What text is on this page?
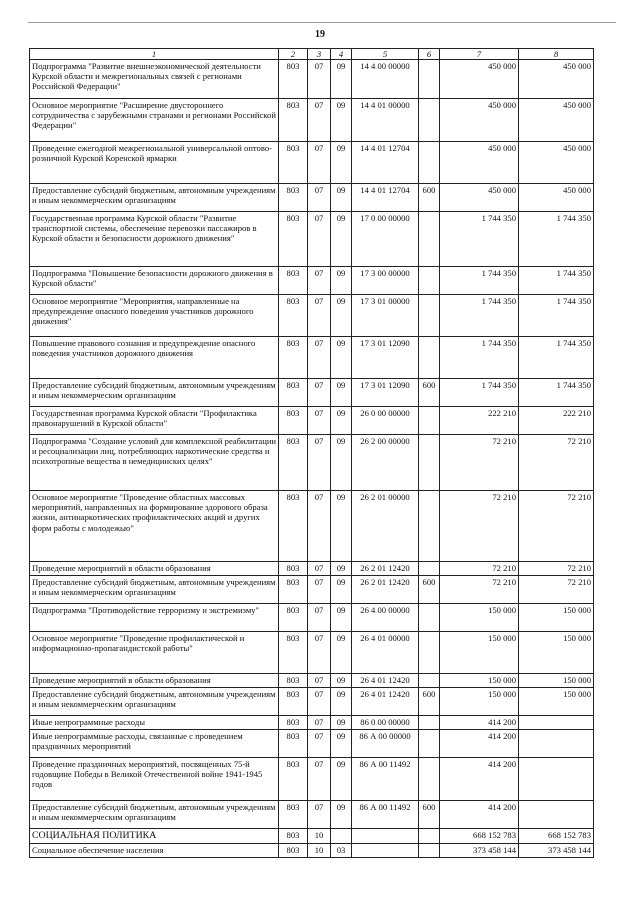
19
1	2	3	4	5	6	7	8
Подпрограмма "Развитие внешнеэкономической деятельности Курской области и межрегиональных связей с регионами Российской Федерации"	803	07	09	14 4 00 00000		450 000	450 000
Основное мероприятие "Расширение двустороннего сотрудничества с зарубежными странами и регионами Российской Федерации"	803	07	09	14 4 01 00000		450 000	450 000
Проведение ежегодной межрегиональной универсальной оптово-розничной Курской Коренской ярмарки	803	07	09	14 4 01 12704		450 000	450 000
Предоставление субсидий бюджетным, автономным учреждениям и иным некоммерческим организациям	803	07	09	14 4 01 12704	600	450 000	450 000
Государственная программа Курской области "Развитие транспортной системы, обеспечение перевозки пассажиров в Курской области и безопасности дорожного движения"	803	07	09	17 0 00 00000		1 744 350	1 744 350
Подпрограмма "Повышение безопасности дорожного движения в Курской области"	803	07	09	17 3 00 00000		1 744 350	1 744 350
Основное мероприятие "Мероприятия, направленные на предупреждение опасного поведения участников дорожного движения"	803	07	09	17 3 01 00000		1 744 350	1 744 350
Повышение правового сознания и предупреждение опасного поведения участников дорожного движения	803	07	09	17 3 01 12090		1 744 350	1 744 350
Предоставление субсидий бюджетным, автономным учреждениям и иным некоммерческим организациям	803	07	09	17 3 01 12090	600	1 744 350	1 744 350
Государственная программа Курской области "Профилактика правонарушений в Курской области"	803	07	09	26 0 00 00000		222 210	222 210
Подпрограмма "Создание условий для комплексной реабилитации и ресоциализации лиц, потребляющих наркотические средства и психотропные вещества в немедицинских целях"	803	07	09	26 2 00 00000		72 210	72 210
Основное мероприятие "Проведение областных массовых мероприятий, направленных на формирование здорового образа жизни, антинаркотических профилактических акций и других форм работы с молодежью"	803	07	09	26 2 01 00000		72 210	72 210
Проведение мероприятий в области образования	803	07	09	26 2 01 12420		72 210	72 210
Предоставление субсидий бюджетным, автономным учреждениям и иным некоммерческим организациям	803	07	09	26 2 01 12420	600	72 210	72 210
Подпрограмма "Противодействие терроризму и экстремизму"	803	07	09	26 4 00 00000		150 000	150 000
Основное мероприятие "Проведение профилактической и информационно-пропагандистской работы"	803	07	09	26 4 01 00000		150 000	150 000
Проведение мероприятий в области образования	803	07	09	26 4 01 12420		150 000	150 000
Предоставление субсидий бюджетным, автономным учреждениям и иным некоммерческим организациям	803	07	09	26 4 01 12420	600	150 000	150 000
Иные непрограммные расходы	803	07	09	86 0 00 00000		414 200	
Иные непрограммные расходы, связанные с проведением праздничных мероприятий	803	07	09	86 А 00 00000		414 200	
Проведение праздничных мероприятий, посвященных 75-й годовщине Победы в Великой Отечественной войне 1941-1945 годов	803	07	09	86 А 00 11492		414 200	
Предоставление субсидий бюджетным, автономным учреждениям и иным некоммерческим организациям	803	07	09	86 А 00 11492	600	414 200	
СОЦИАЛЬНАЯ ПОЛИТИКА	803	10				668 152 783	668 152 783
Социальное обеспечение населения	803	10	03			373 458 144	373 458 144
